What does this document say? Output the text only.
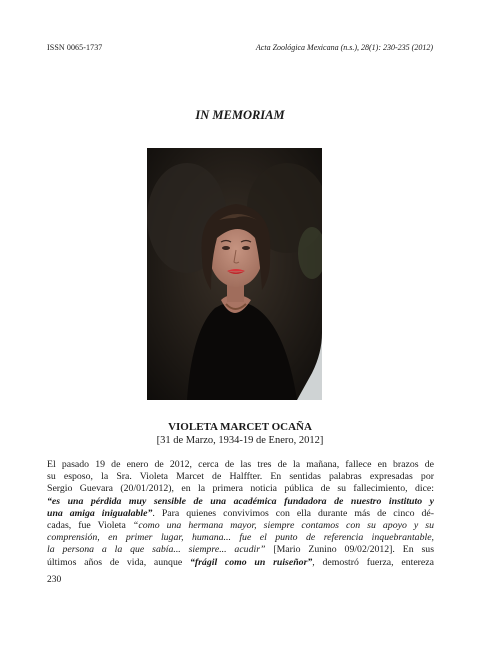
ISSN 0065-1737	Acta Zoológica Mexicana (n.s.), 28(1): 230-235 (2012)
IN MEMORIAM
VIOLETA MARCET OCAÑA
[31 de Marzo, 1934-19 de Enero, 2012]
El pasado 19 de enero de 2012, cerca de las tres de la mañana, fallece en brazos de
su esposo, la Sra. Violeta Marcet de Halffter. En sentidas palabras expresadas por
Sergio Guevara (20/01/2012), en la primera noticia pública de su fallecimiento, dice:
“es una pérdida muy sensible de una académica fundadora de nuestro instituto y
una amiga inigualable”. Para quienes convivimos con ella durante más de cinco dé-
cadas, fue Violeta “como una hermana mayor, siempre contamos con su apoyo y su
comprensión, en primer lugar, humana... fue el punto de referencia inquebrantable,
la persona a la que sabía... siempre... acudir” [Mario Zunino 09/02/2012]. En sus
últimos años de vida, aunque “frágil como un ruiseñor”, demostró fuerza, entereza
230
